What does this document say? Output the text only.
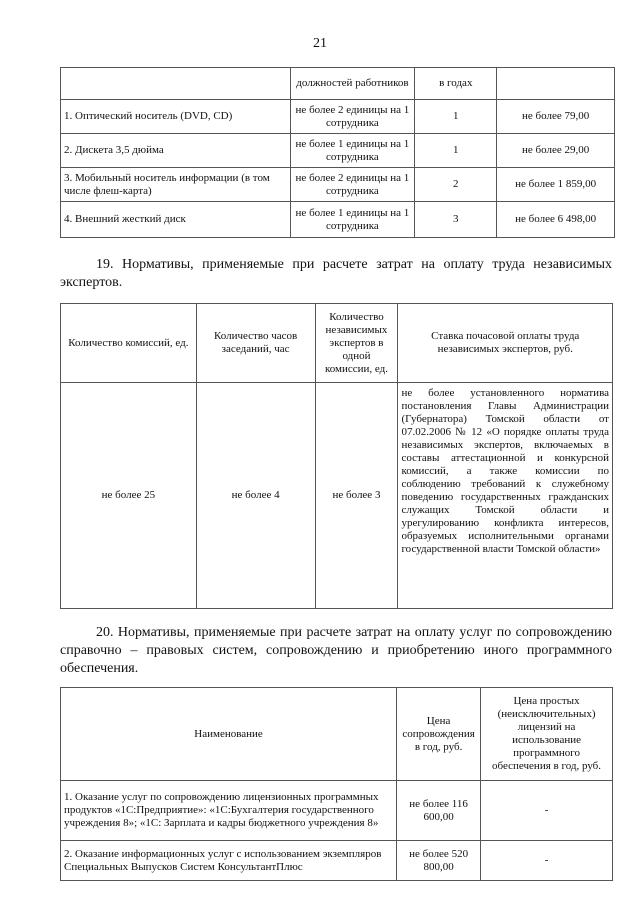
21
	должностей работников	в годах	
1. Оптический носитель (DVD, CD)	не более 2 единицы на 1 сотрудника	1	не более 79,00
2. Дискета 3,5 дюйма	не более 1 единицы на 1 сотрудника	1	не более 29,00
3. Мобильный носитель информации (в том числе флеш-карта)	не более 2 единицы на 1 сотрудника	2	не более 1 859,00
4. Внешний жесткий диск	не более 1 единицы на 1 сотрудника	3	не более 6 498,00
19. Нормативы, применяемые при расчете затрат на оплату труда независимых экспертов.
Количество комиссий, ед.	Количество часов заседаний, час	Количество независимых экспертов в одной комиссии, ед.	Ставка почасовой оплаты труда независимых экспертов, руб.
не более 25	не более 4	не более 3	не более установленного норматива постановления Главы Администрации (Губернатора) Томской области от 07.02.2006 № 12 «О порядке оплаты труда независимых экспертов, включаемых в составы аттестационной и конкурсной комиссий, а также комиссии по соблюдению требований к служебному поведению государственных гражданских служащих Томской области и урегулированию конфликта интересов, образуемых исполнительными органами государственной власти Томской области»
20. Нормативы, применяемые при расчете затрат на оплату услуг по сопровождению справочно – правовых систем, сопровождению и приобретению иного программного обеспечения.
Наименование	Цена сопровождения в год, руб.	Цена простых (неисключительных) лицензий на использование программного обеспечения в год, руб.
1. Оказание услуг по сопровождению лицензионных программных продуктов «1С:Предприятие»: «1С:Бухгалтерия государственного учреждения 8»; «1С: Зарплата и кадры бюджетного учреждения 8»	не более 116 600,00	-
2. Оказание информационных услуг с использованием экземпляров Специальных Выпусков Систем КонсультантПлюс	не более 520 800,00	-
